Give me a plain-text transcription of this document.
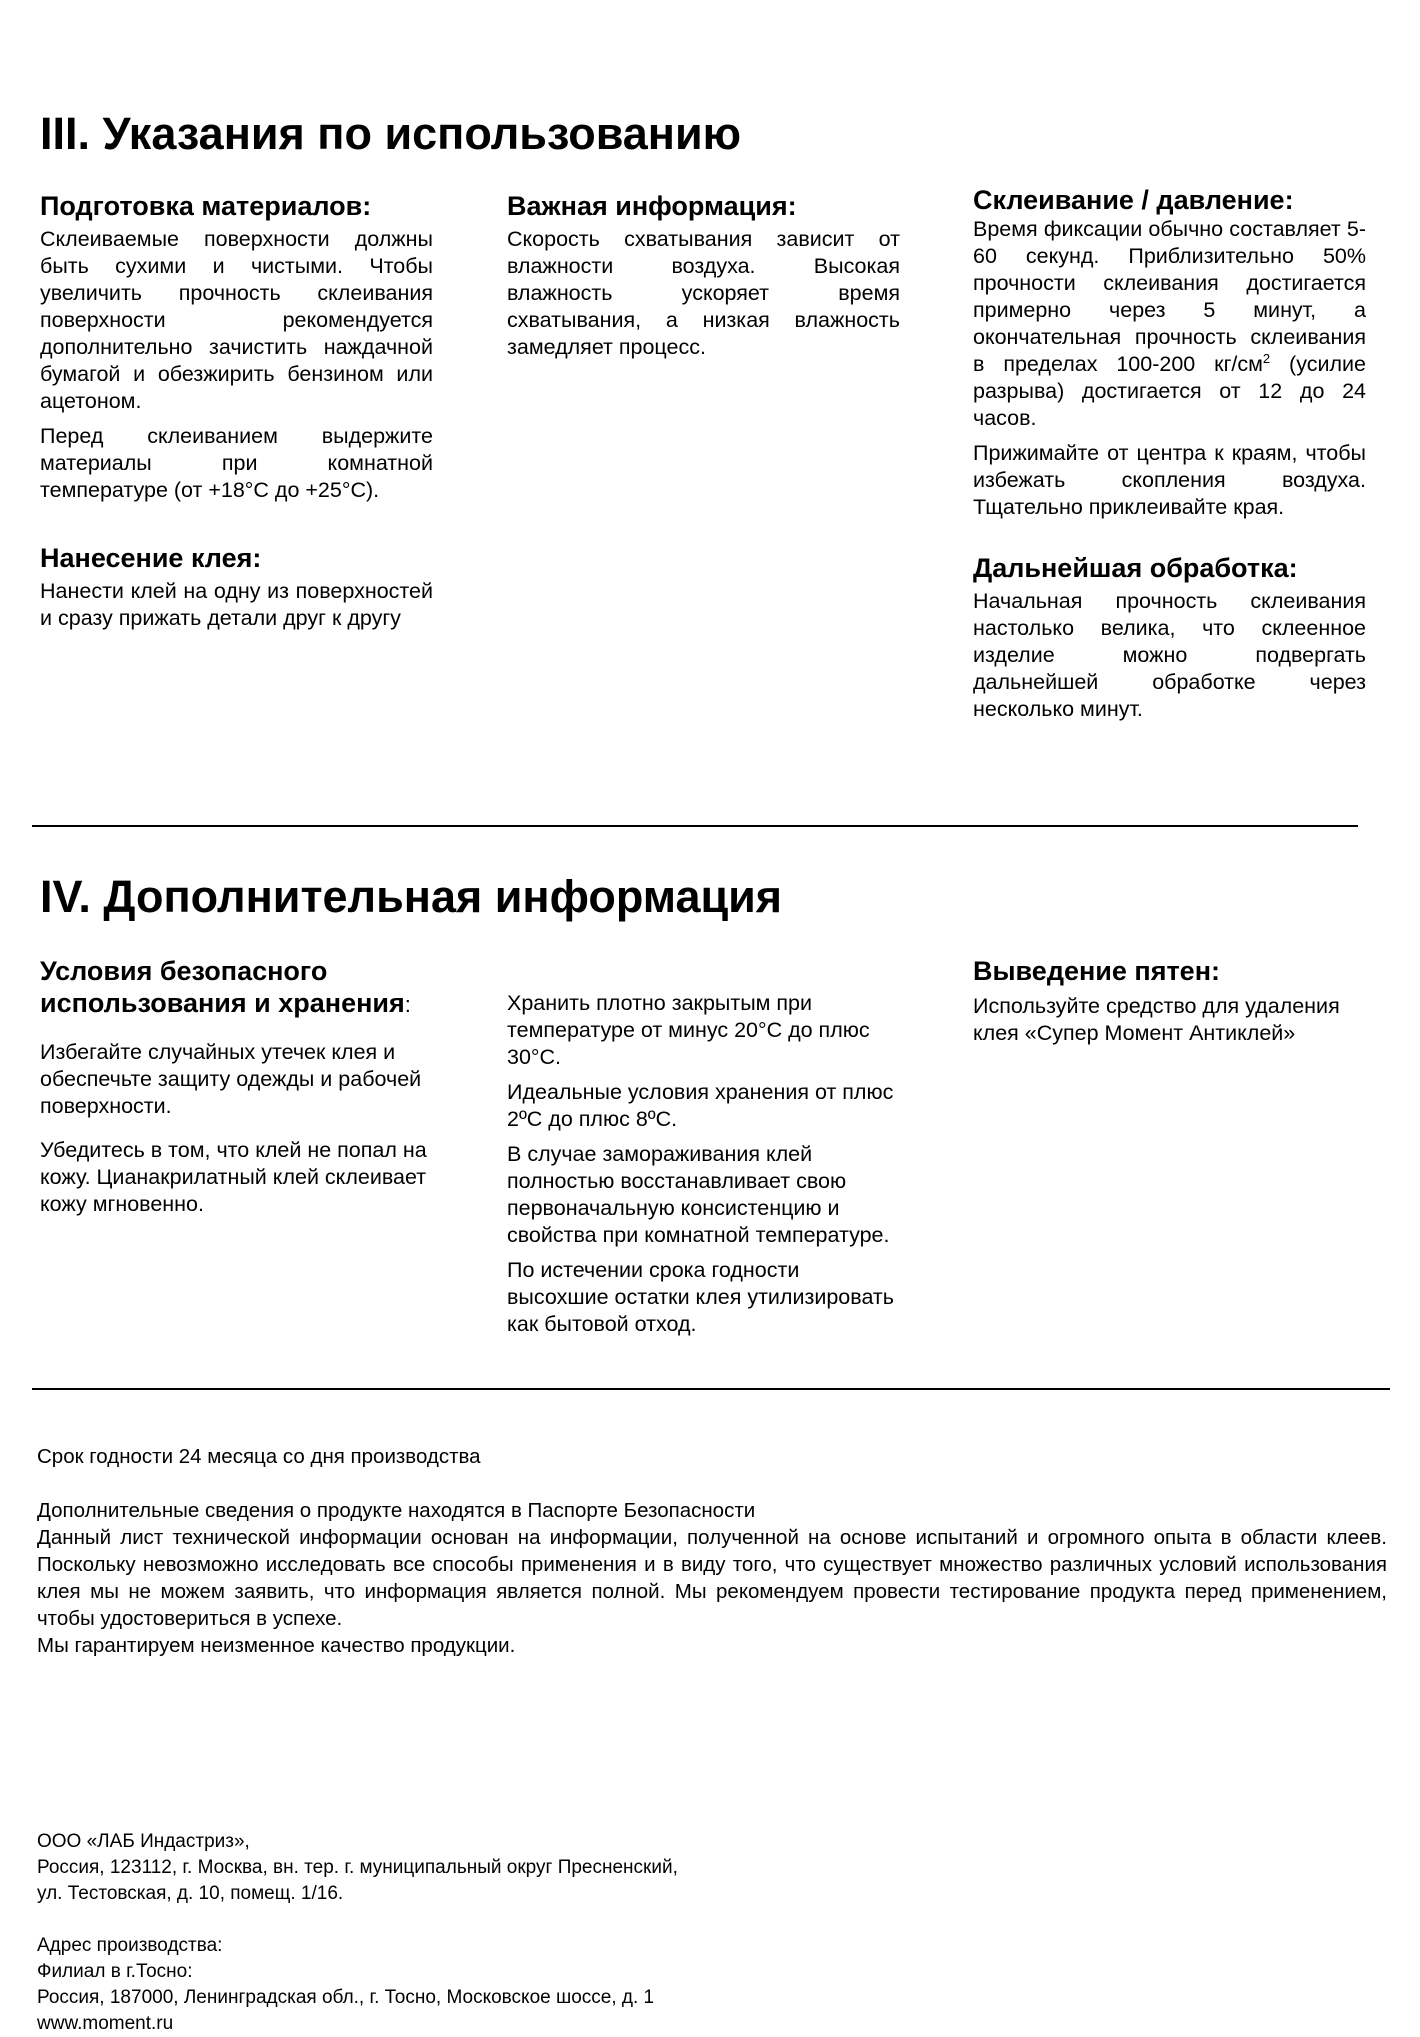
III. Указания по использованию
Подготовка материалов:

Склеиваемые поверхности должны быть сухими и чистыми. Чтобы увеличить прочность склеивания поверхности рекомендуется дополнительно зачистить наждачной бумагой и обезжирить бензином или ацетоном.

Перед склеиванием выдержите материалы при комнатной температуре (от +18°С до +25°С).

Нанесение клея:

Нанести клей на одну из поверхностей и сразу прижать детали друг к другу

Важная информация:

Скорость схватывания зависит от влажности воздуха. Высокая влажность ускоряет время схватывания, а низкая влажность замедляет процесс.

Склеивание / давление:

Время фиксации обычно составляет 5-60 секунд. Приблизительно 50% прочности склеивания достигается примерно через 5 минут, а окончательная прочность склеивания в пределах 100-200 $кг/см^2$ (усилие разрыва) достигается от 12 до 24 часов.

Прижимайте от центра к краям, чтобы избежать скопления воздуха. Тщательно приклеивайте края.

Дальнейшая обработка:

Начальная прочность склеивания настолько велика, что склеенное изделие можно подвергать дальнейшей обработке через несколько минут.

IV. Дополнительная информация
Условия безопасного использования и хранения:

Избегайте случайных утечек клея и обеспечьте защиту одежды и рабочей поверхности.

Убедитесь в том, что клей не попал на кожу. Цианакрилатный клей склеивает кожу мгновенно.

Хранить плотно закрытым при температуре от минус 20°С до плюс 30°С.

Идеальные условия хранения от плюс 2ºС до плюс 8ºС.

В случае замораживания клей полностью восстанавливает свою первоначальную консистенцию и свойства при комнатной температуре.

По истечении срока годности высохшие остатки клея утилизировать как бытовой отход.

Выведение пятен:

Используйте средство для удаления клея «Супер Момент Антиклей»

Срок годности 24 месяца со дня производства

Дополнительные сведения о продукте находятся в Паспорте Безопасности

Данный лист технической информации основан на информации, полученной на основе испытаний и огромного опыта в области клеев. Поскольку невозможно исследовать все способы применения и в виду того, что существует множество различных условий использования клея мы не можем заявить, что информация является полной. Мы рекомендуем провести тестирование продукта перед применением, чтобы удостовериться в успехе.

Мы гарантируем неизменное качество продукции.

ООО «ЛАБ Индастриз»,

Россия, 123112, г. Москва, вн. тер. г. муниципальный округ Пресненский,

ул. Тестовская, д. 10, помещ. 1/16.

Адрес производства:

Филиал в г.Тосно:

Россия, 187000, Ленинградская обл., г. Тосно, Московское шоссе, д. 1

www.moment.ru
